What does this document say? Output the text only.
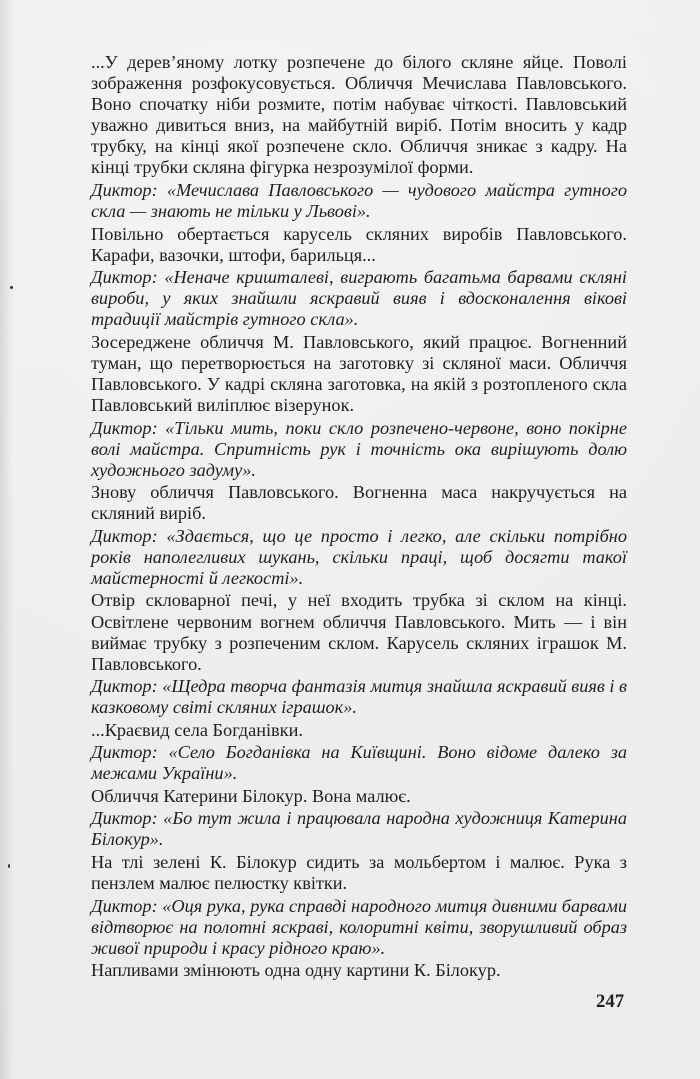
...У дерев’яному лотку розпечене до білого скляне яйце. Поволі зображення розфокусовується. Обличчя Мечислава Павловського. Воно спочатку ніби розмите, потім набуває чіткості. Павловський уважно дивиться вниз, на майбутній виріб. Потім вносить у кадр трубку, на кінці якої розпечене скло. Обличчя зникає з кадру. На кінці трубки скляна фігурка незрозумілої форми.

Диктор: «Мечислава Павловського — чудового майстра гутного скла — знають не тільки у Львові».

Повільно обертається карусель скляних виробів Павловського. Карафи, вазочки, штофи, барильця...

Диктор: «Неначе кришталеві, виграють багатьма барвами скляні вироби, у яких знайшли яскравий вияв і вдосконалення вікові традиції майстрів гутного скла».

Зосереджене обличчя М. Павловського, який працює. Вогненний туман, що перетворюється на заготовку зі скляної маси. Обличчя Павловського. У кадрі скляна заготовка, на якій з розтопленого скла Павловський виліплює візерунок.

Диктор: «Тільки мить, поки скло розпечено-червоне, воно покірне волі майстра. Спритність рук і точність ока вирішують долю художнього задуму».

Знову обличчя Павловського. Вогненна маса накручується на скляний виріб.

Диктор: «Здається, що це просто і легко, але скільки потрібно років наполегливих шукань, скільки праці, щоб досягти такої майстерності й легкості».

Отвір скловарної печі, у неї входить трубка зі склом на кінці. Освітлене червоним вогнем обличчя Павловського. Мить — і він виймає трубку з розпеченим склом. Карусель скляних іграшок М. Павловського.

Диктор: «Щедра творча фантазія митця знайшла яскравий вияв і в казковому світі скляних іграшок».

...Краєвид села Богданівки.

Диктор: «Село Богданівка на Київщині. Воно відоме далеко за межами України».

Обличчя Катерини Білокур. Вона малює.

Диктор: «Бо тут жила і працювала народна художниця Катерина Білокур».

На тлі зелені К. Білокур сидить за мольбертом і малює. Рука з пензлем малює пелюстку квітки.

Диктор: «Оця рука, рука справді народного митця дивними барвами відтворює на полотні яскраві, колоритні квіти, зворушливий образ живої природи і красу рідного краю».

Напливами змінюють одна одну картини К. Білокур.

247
